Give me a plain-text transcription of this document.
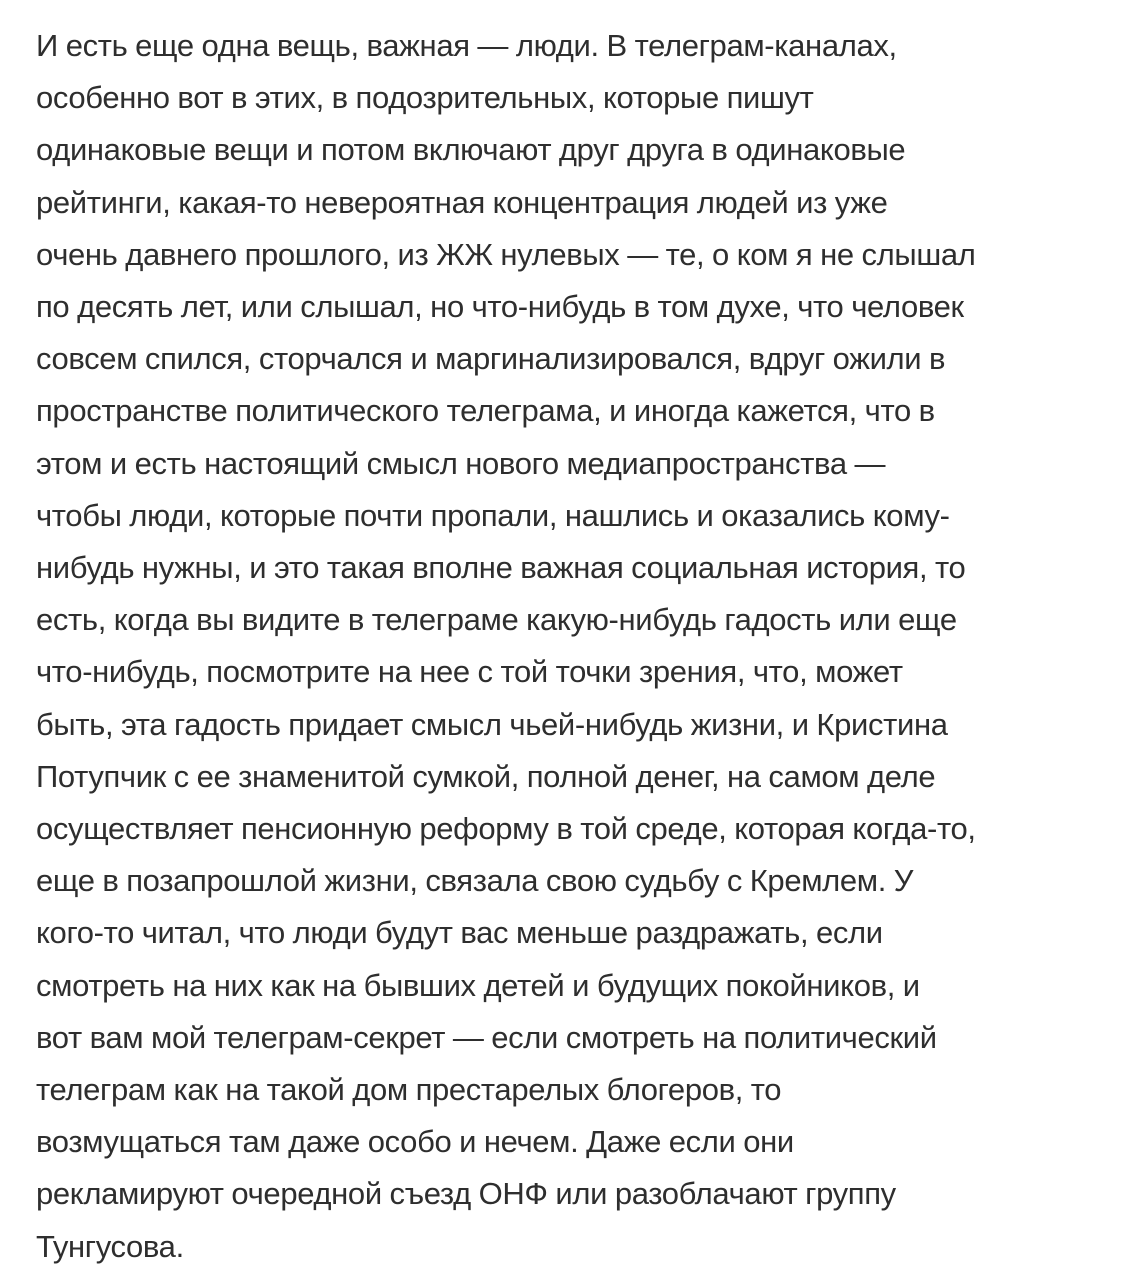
И есть еще одна вещь, важная — люди. В телеграм-каналах,
особенно вот в этих, в подозрительных, которые пишут
одинаковые вещи и потом включают друг друга в одинаковые
рейтинги, какая-то невероятная концентрация людей из уже
очень давнего прошлого, из ЖЖ нулевых — те, о ком я не слышал
по десять лет, или слышал, но что-нибудь в том духе, что человек
совсем спился, сторчался и маргинализировался, вдруг ожили в
пространстве политического телеграма, и иногда кажется, что в
этом и есть настоящий смысл нового медиапространства —
чтобы люди, которые почти пропали, нашлись и оказались кому-
нибудь нужны, и это такая вполне важная социальная история, то
есть, когда вы видите в телеграме какую-нибудь гадость или еще
что-нибудь, посмотрите на нее с той точки зрения, что, может
быть, эта гадость придает смысл чьей-нибудь жизни, и Кристина
Потупчик с ее знаменитой сумкой, полной денег, на самом деле
осуществляет пенсионную реформу в той среде, которая когда-то,
еще в позапрошлой жизни, связала свою судьбу с Кремлем. У
кого-то читал, что люди будут вас меньше раздражать, если
смотреть на них как на бывших детей и будущих покойников, и
вот вам мой телеграм-секрет — если смотреть на политический
телеграм как на такой дом престарелых блогеров, то
возмущаться там даже особо и нечем. Даже если они
рекламируют очередной съезд ОНФ или разоблачают группу
Тунгусова.
